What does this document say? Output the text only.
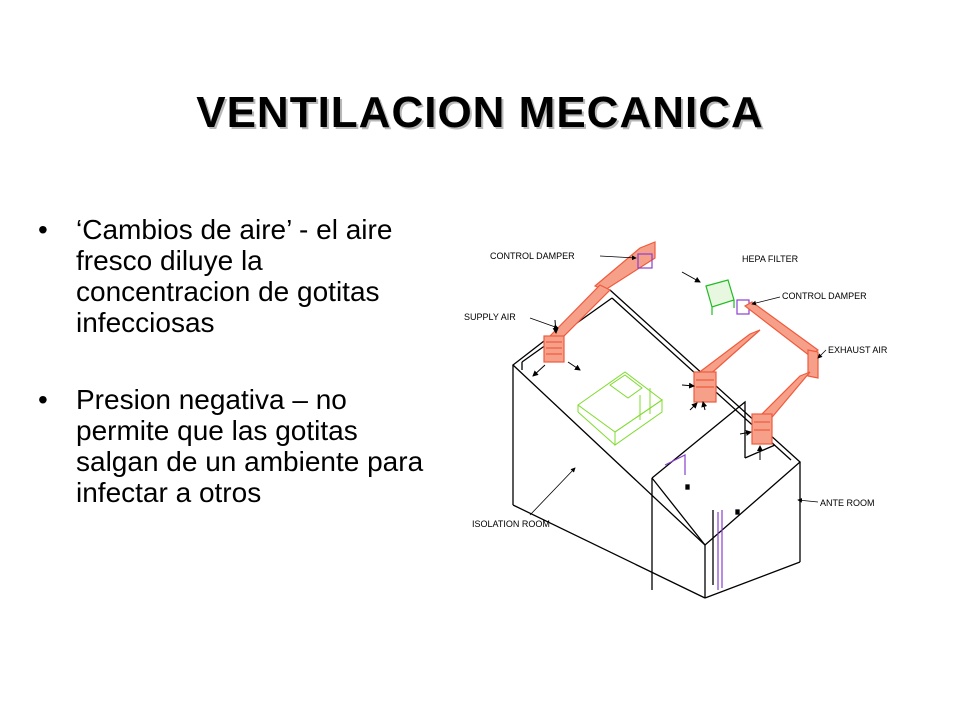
VENTILACION MECANICA
• ‘Cambios de aire’ - el aire fresco diluye la concentracion de gotitas infecciosas
• Presion negativa – no permite que las gotitas salgan de un ambiente para infectar a otros
CONTROL DAMPER	HEPA FILTER
CONTROL DAMPER
SUPPLY AIR
EXHAUST AIR
ANTE ROOM
ISOLATION ROOM
